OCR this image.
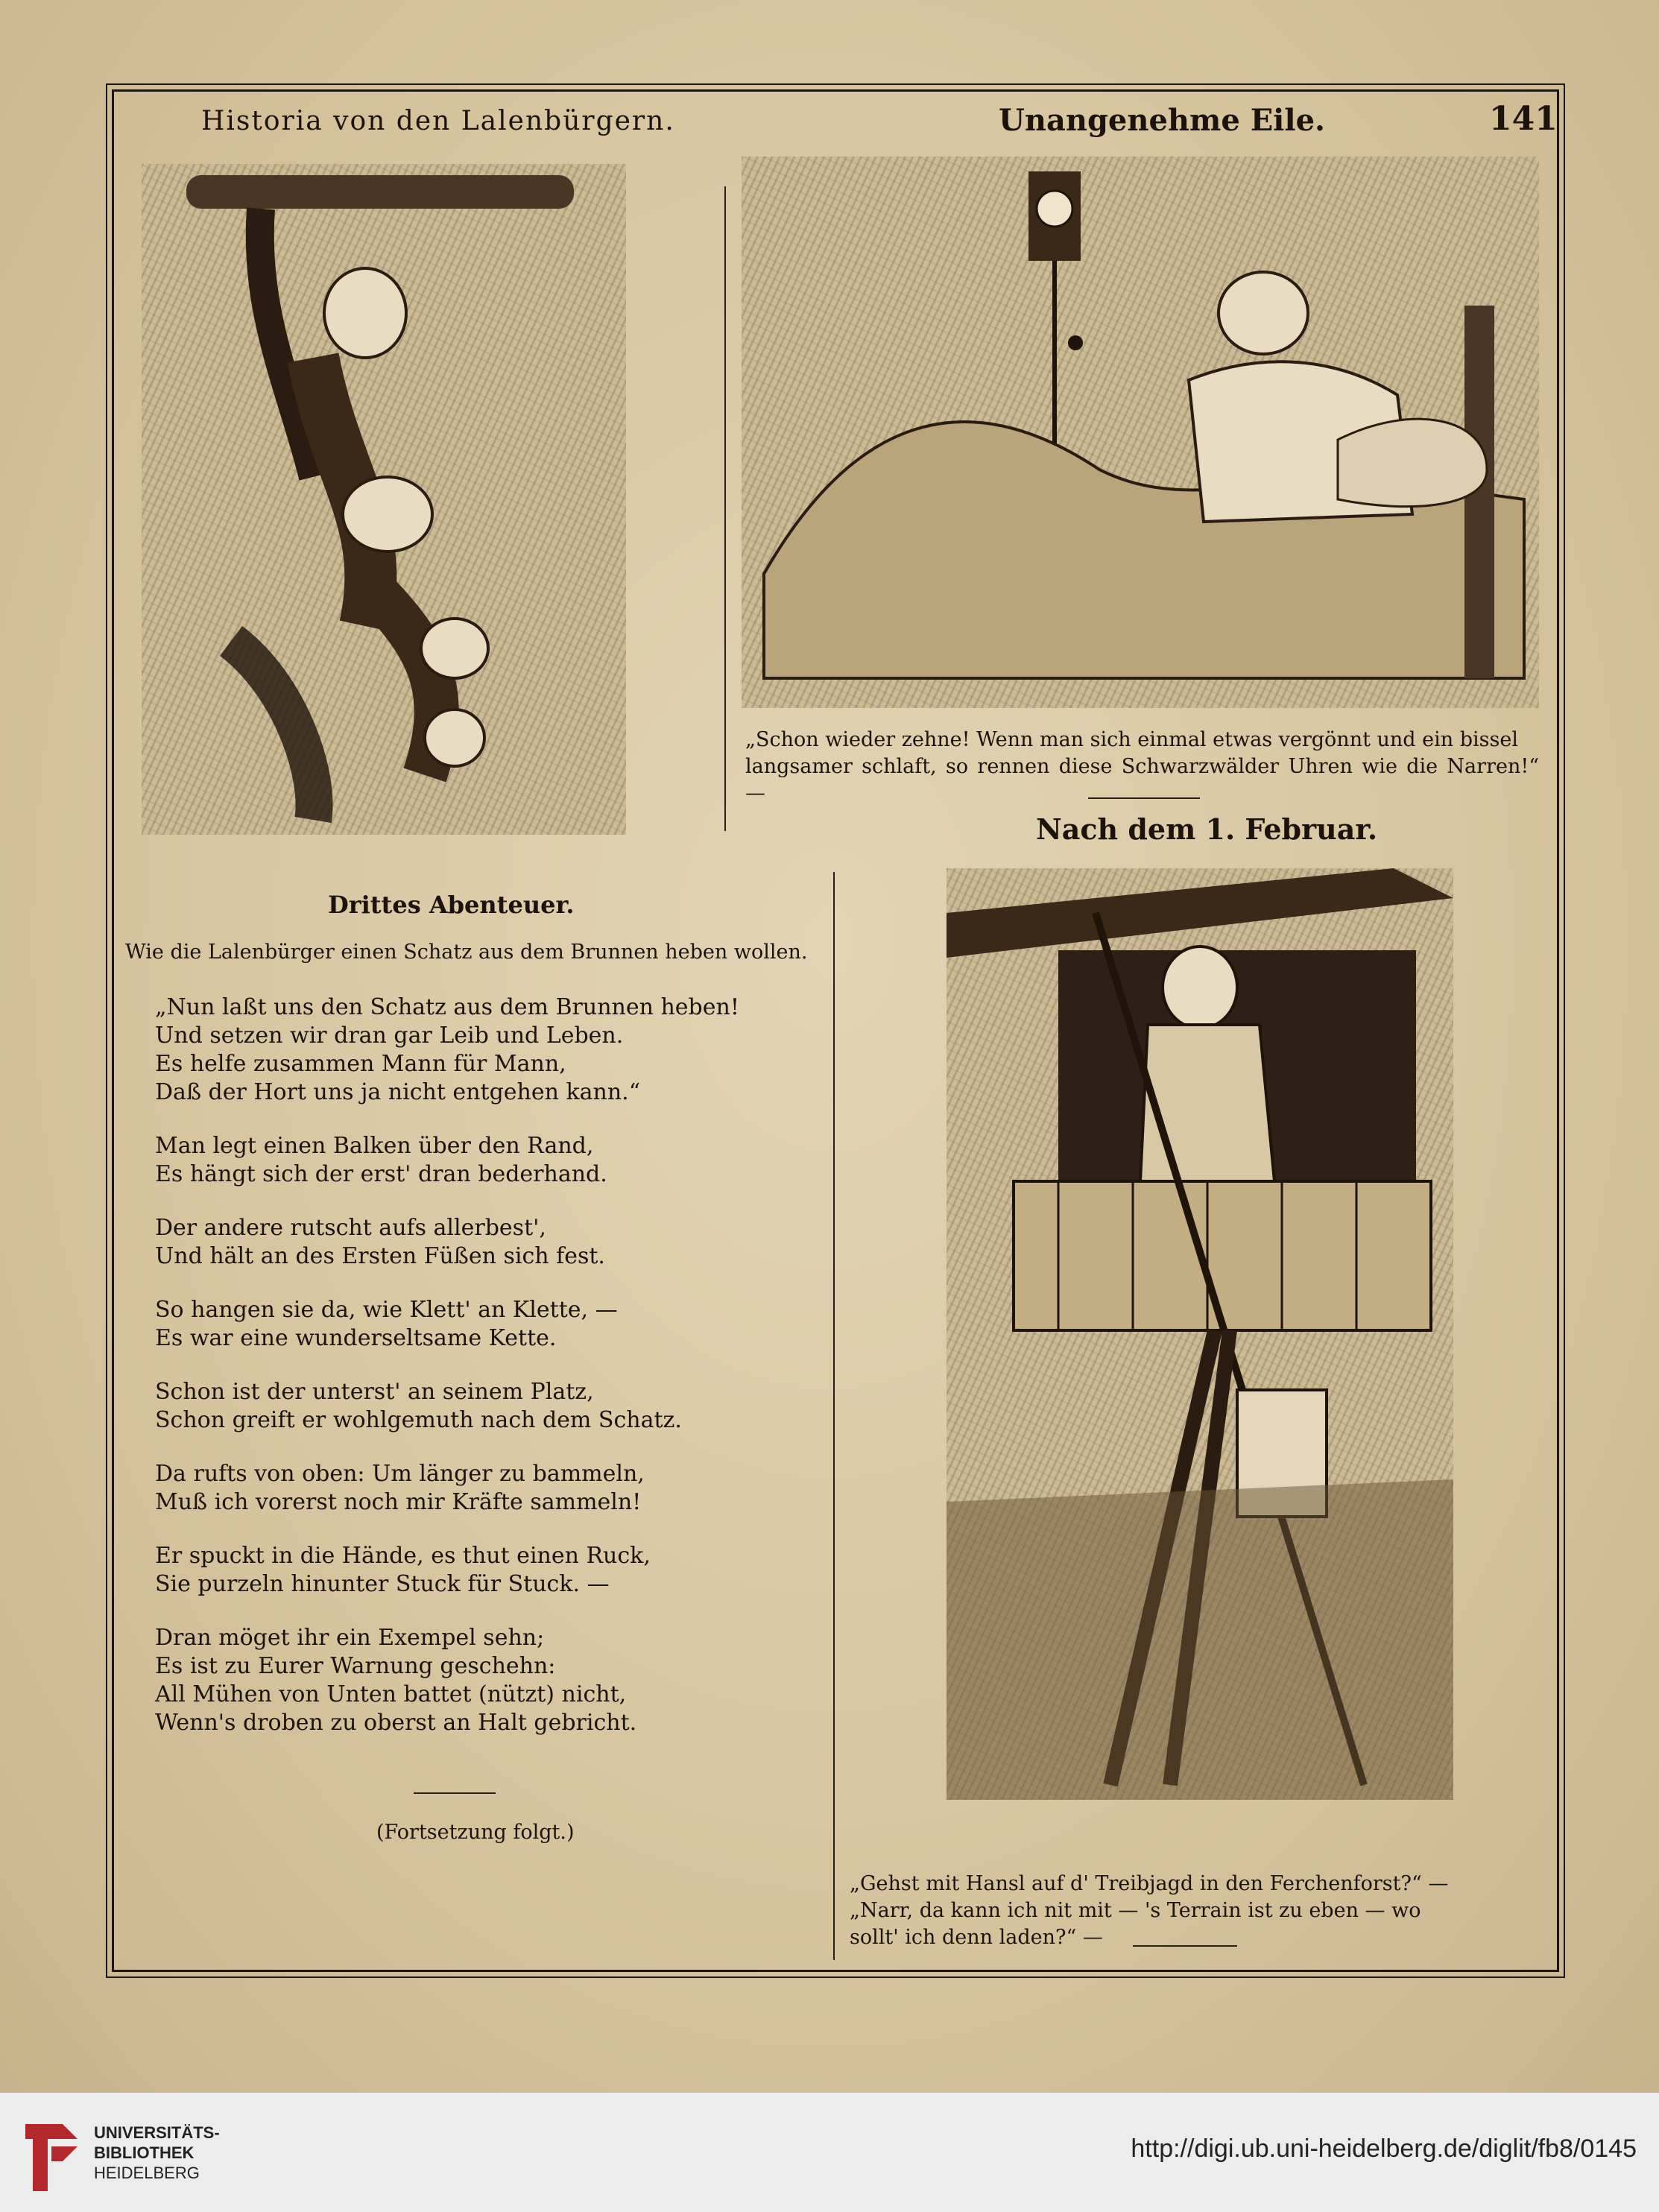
Historia von den Lalenbürgern.	Unangenehme Eile.	141
„Schon wieder zehne! Wenn man sich einmal etwas vergönnt und ein bissel
langsamer schlaft, so rennen diese Schwarzwälder Uhren wie die Narren!“ —
Nach dem 1. Februar.
„Gehst mit Hansl auf d' Treibjagd in den Ferchenforst?“ —
„Narr, da kann ich nit mit — 's Terrain ist zu eben — wo
sollt' ich denn laden?“ —
Drittes Abenteuer.
Wie die Lalenbürger einen Schatz aus dem Brunnen heben wollen.
„Nun laßt uns den Schatz aus dem Brunnen heben!
Und setzen wir dran gar Leib und Leben.
Es helfe zusammen Mann für Mann,
Daß der Hort uns ja nicht entgehen kann.“
Man legt einen Balken über den Rand,
Es hängt sich der erst' dran bederhand.
Der andere rutscht aufs allerbest',
Und hält an des Ersten Füßen sich fest.
So hangen sie da, wie Klett' an Klette, —
Es war eine wunderseltsame Kette.
Schon ist der unterst' an seinem Platz,
Schon greift er wohlgemuth nach dem Schatz.
Da rufts von oben: Um länger zu bammeln,
Muß ich vorerst noch mir Kräfte sammeln!
Er spuckt in die Hände, es thut einen Ruck,
Sie purzeln hinunter Stuck für Stuck. —
Dran möget ihr ein Exempel sehn;
Es ist zu Eurer Warnung geschehn:
All Mühen von Unten battet (nützt) nicht,
Wenn's droben zu oberst an Halt gebricht.
(Fortsetzung folgt.)
UNIVERSITÄTS-
BIBLIOTHEK
HEIDELBERG
http://digi.ub.uni-heidelberg.de/diglit/fb8/0145
